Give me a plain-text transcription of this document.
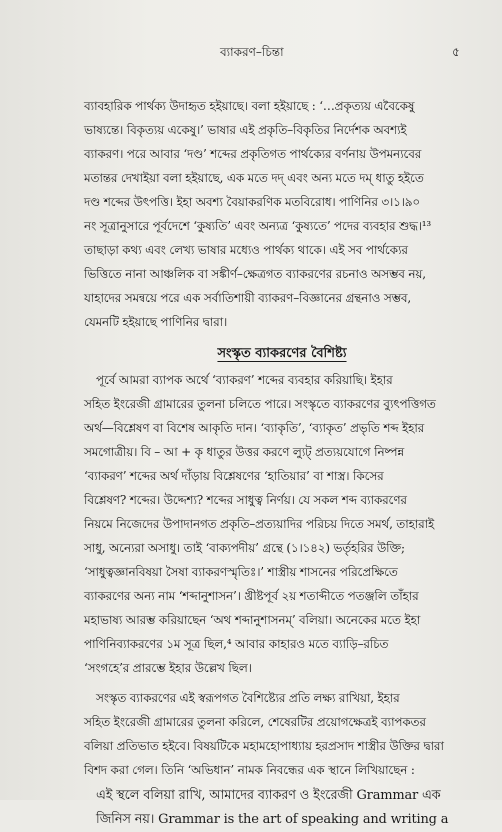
ব্যাকরণ–চিন্তা	৫
ব্যাবহারিক পার্থক্য উদাহৃত হইয়াছে। বলা হইয়াছে : ‘…প্রকৃত্যয় এবৈকেষু
ভাষ্যন্তে। বিকৃত্যয় একেষু।’ ভাষার এই প্রকৃতি–বিকৃতির নির্দেশক অবশ্যই
ব্যাকরণ। পরে আবার ‘দণ্ড’ শব্দের প্রকৃতিগত পার্থক্যের বর্ণনায় উপমন্যবের
মতান্তর দেখাইয়া বলা হইয়াছে, এক মতে দদ্ এবং অন্য মতে দম্ ধাতু হইতে
দণ্ড শব্দের উৎপত্তি। ইহা অবশ্য বৈয়াকরণিক মতবিরোধ। পাণিনির ৩।১।৯০
নং সূত্রানুসারে পূর্বদেশে ‘কুষ্যতি’ এবং অন্যত্র ‘কুষ্যতে’ পদের ব্যবহার শুদ্ধ।¹³
তাছাড়া কথ্য এবং লেখ্য ভাষার মধ্যেও পার্থক্য থাকে। এই সব পার্থক্যের
ভিত্তিতে নানা আঞ্চলিক বা সঙ্কীর্ণ–ক্ষেত্রগত ব্যাকরণের রচনাও অসম্ভব নয়,
যাহাদের সমন্বয়ে পরে এক সর্বাতিশায়ী ব্যাকরণ–বিজ্ঞানের গ্রন্থনাও সম্ভব,
যেমনটি হইয়াছে পাণিনির দ্বারা।
সংস্কৃত ব্যাকরণের বৈশিষ্ট্য
পূর্বে আমরা ব্যাপক অর্থে ‘ব্যাকরণ’ শব্দের ব্যবহার করিয়াছি। ইহার
সহিত ইংরেজী গ্রামারের তুলনা চলিতে পারে। সংস্কৃতে ব্যাকরণের ব্যুৎপত্তিগত
অর্থ—বিশ্লেষণ বা বিশেষ আকৃতি দান। ‘ব্যাকৃতি’, ‘ব্যাকৃত’ প্রভৃতি শব্দ ইহার
সমগোত্রীয়। বি – আ + কৃ ধাতুর উত্তর করণে ল্যুট্ প্রত্যয়যোগে নিষ্পন্ন
‘ব্যাকরণ’ শব্দের অর্থ দাঁড়ায় বিশ্লেষণের ‘হাতিয়ার’ বা শাস্ত্র। কিসের
বিশ্লেষণ? শব্দের। উদ্দেশ্য? শব্দের সাধুত্ব নির্ণয়। যে সকল শব্দ ব্যাকরণের
নিয়মে নিজেদের উপাদানগত প্রকৃতি–প্রত্যয়াদির পরিচয় দিতে সমর্থ, তাহারাই
সাধু, অন্যেরা অসাধু। তাই ‘বাক্যপদীয়’ গ্রন্থে (১।১৪২) ভর্তৃহরির উক্তি;
‘সাধুত্বজ্ঞানবিষয়া সৈষা ব্যাকরণস্মৃতিঃ।’ শাস্ত্রীয় শাসনের পরিপ্রেক্ষিতে
ব্যাকরণের অন্য নাম ‘শব্দানুশাসন’। খ্রীষ্টপূর্ব ২য় শতাব্দীতে পতঞ্জলি তাঁহার
মহাভাষ্য আরম্ভ করিয়াছেন ‘অথ শব্দানুশাসনম্’ বলিয়া। অনেকের মতে ইহা
পাণিনিব্যাকরণের ১ম সূত্র ছিল,⁴ আবার কাহারও মতে ব্যাড়ি–রচিত
‘সংগহে’র প্রারম্ভে ইহার উল্লেখ ছিল।
সংস্কৃত ব্যাকরণের এই স্বরূপগত বৈশিষ্ট্যের প্রতি লক্ষ্য রাখিয়া, ইহার
সহিত ইংরেজী গ্রামারের তুলনা করিলে, শেষেরটির প্রয়োগক্ষেত্রই ব্যাপকতর
বলিয়া প্রতিভাত হইবে। বিষয়টিকে মহামহোপাধ্যায় হরপ্রসাদ শাস্ত্রীর উক্তির দ্বারা
বিশদ করা গেল। তিনি ‘অভিধান’ নামক নিবন্ধের এক স্থানে লিখিয়াছেন :
এই স্থলে বলিয়া রাখি, আমাদের ব্যাকরণ ও ইংরেজী Grammar এক
জিনিস নয়। Grammar is the art of speaking and writing a
